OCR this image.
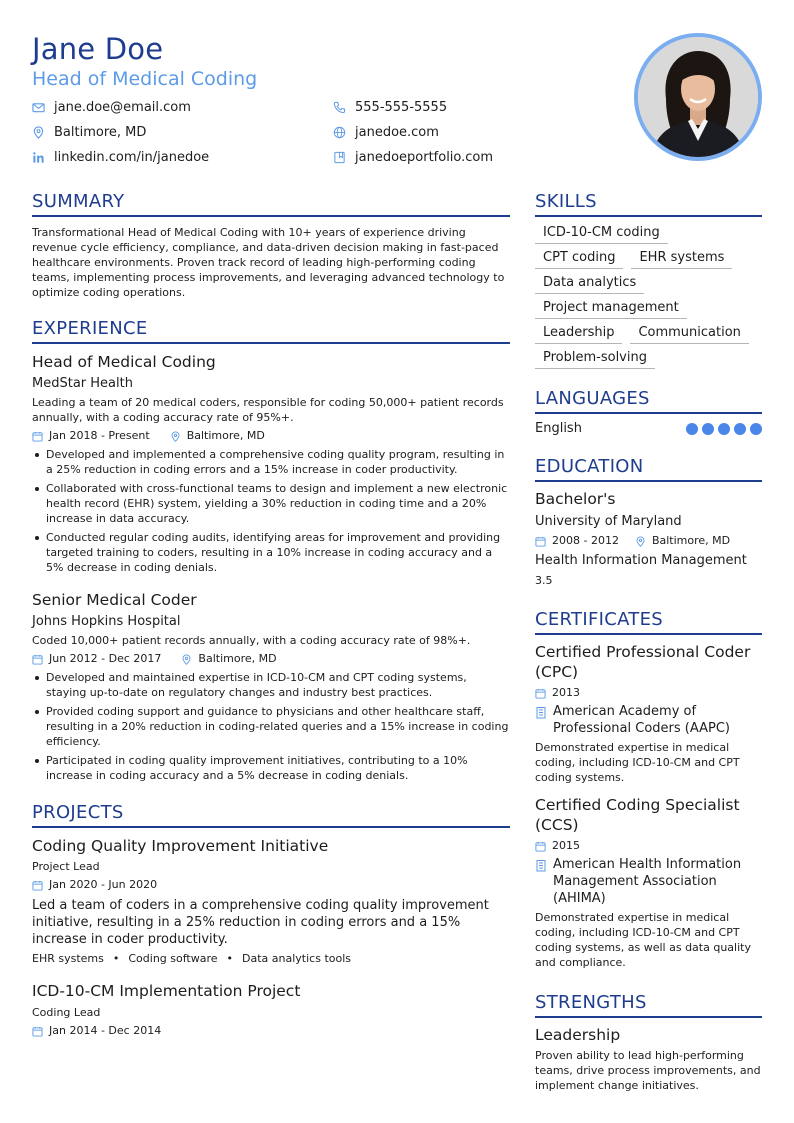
Jane Doe
Head of Medical Coding
jane.doe@email.com	555-555-5555
Baltimore, MD	janedoe.com
linkedin.com/in/janedoe	janedoeportfolio.com
SUMMARY
Transformational Head of Medical Coding with 10+ years of experience driving revenue cycle efficiency, compliance, and data-driven decision making in fast-paced healthcare environments. Proven track record of leading high-performing coding teams, implementing process improvements, and leveraging advanced technology to optimize coding operations.
EXPERIENCE
Head of Medical Coding
MedStar Health
Leading a team of 20 medical coders, responsible for coding 50,000+ patient records annually, with a coding accuracy rate of 95%+.
Jan 2018 - Present	Baltimore, MD
Developed and implemented a comprehensive coding quality program, resulting in a 25% reduction in coding errors and a 15% increase in coder productivity.
Collaborated with cross-functional teams to design and implement a new electronic health record (EHR) system, yielding a 30% reduction in coding time and a 20% increase in data accuracy.
Conducted regular coding audits, identifying areas for improvement and providing targeted training to coders, resulting in a 10% increase in coding accuracy and a 5% decrease in coding denials.
Senior Medical Coder
Johns Hopkins Hospital
Coded 10,000+ patient records annually, with a coding accuracy rate of 98%+.
Jun 2012 - Dec 2017	Baltimore, MD
Developed and maintained expertise in ICD-10-CM and CPT coding systems, staying up-to-date on regulatory changes and industry best practices.
Provided coding support and guidance to physicians and other healthcare staff, resulting in a 20% reduction in coding-related queries and a 15% increase in coding efficiency.
Participated in coding quality improvement initiatives, contributing to a 10% increase in coding accuracy and a 5% decrease in coding denials.
PROJECTS
Coding Quality Improvement Initiative
Project Lead
Jan 2020 - Jun 2020
Led a team of coders in a comprehensive coding quality improvement initiative, resulting in a 25% reduction in coding errors and a 15% increase in coder productivity.
EHR systems • Coding software • Data analytics tools
ICD-10-CM Implementation Project
Coding Lead
Jan 2014 - Dec 2014
SKILLS
ICD-10-CM coding
CPT coding	EHR systems
Data analytics
Project management
Leadership	Communication
Problem-solving
LANGUAGES
English
EDUCATION
Bachelor's
University of Maryland
2008 - 2012	Baltimore, MD
Health Information Management
3.5
CERTIFICATES
Certified Professional Coder (CPC)
2013
American Academy of Professional Coders (AAPC)
Demonstrated expertise in medical coding, including ICD-10-CM and CPT coding systems.
Certified Coding Specialist (CCS)
2015
American Health Information Management Association (AHIMA)
Demonstrated expertise in medical coding, including ICD-10-CM and CPT coding systems, as well as data quality and compliance.
STRENGTHS
Leadership
Proven ability to lead high-performing teams, drive process improvements, and implement change initiatives.
